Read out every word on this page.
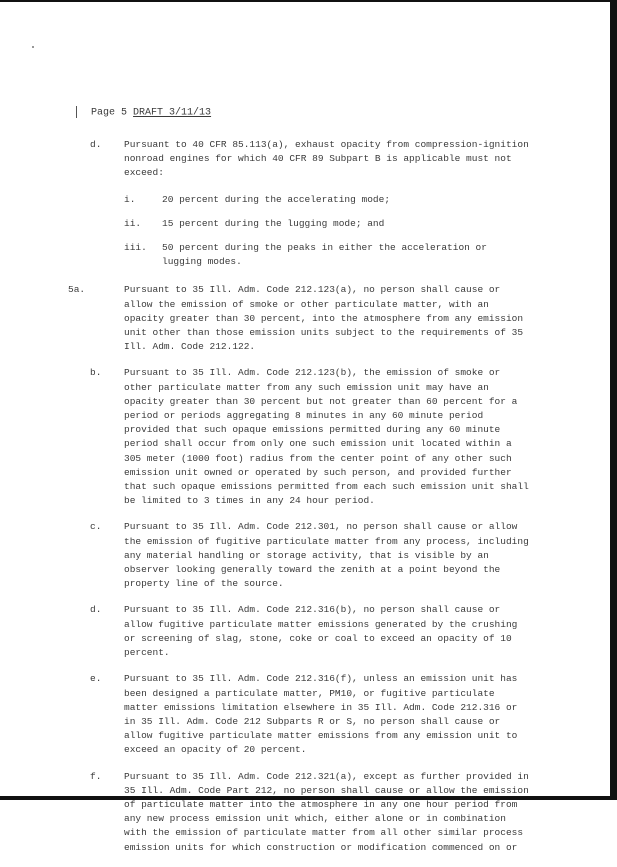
Page 5 DRAFT 3/11/13
d.	Pursuant to 40 CFR 85.113(a), exhaust opacity from compression-ignition nonroad engines for which 40 CFR 89 Subpart B is applicable must not exceed:
i.	20 percent during the accelerating mode;
ii.	15 percent during the lugging mode; and
iii.	50 percent during the peaks in either the acceleration or lugging modes.
5a.	Pursuant to 35 Ill. Adm. Code 212.123(a), no person shall cause or allow the emission of smoke or other particulate matter, with an opacity greater than 30 percent, into the atmosphere from any emission unit other than those emission units subject to the requirements of 35 Ill. Adm. Code 212.122.
b.	Pursuant to 35 Ill. Adm. Code 212.123(b), the emission of smoke or other particulate matter from any such emission unit may have an opacity greater than 30 percent but not greater than 60 percent for a period or periods aggregating 8 minutes in any 60 minute period provided that such opaque emissions permitted during any 60 minute period shall occur from only one such emission unit located within a 305 meter (1000 foot) radius from the center point of any other such emission unit owned or operated by such person, and provided further that such opaque emissions permitted from each such emission unit shall be limited to 3 times in any 24 hour period.
c.	Pursuant to 35 Ill. Adm. Code 212.301, no person shall cause or allow the emission of fugitive particulate matter from any process, including any material handling or storage activity, that is visible by an observer looking generally toward the zenith at a point beyond the property line of the source.
d.	Pursuant to 35 Ill. Adm. Code 212.316(b), no person shall cause or allow fugitive particulate matter emissions generated by the crushing or screening of slag, stone, coke or coal to exceed an opacity of 10 percent.
e.	Pursuant to 35 Ill. Adm. Code 212.316(f), unless an emission unit has been designed a particulate matter, PM10, or fugitive particulate matter emissions limitation elsewhere in 35 Ill. Adm. Code 212.316 or in 35 Ill. Adm. Code 212 Subparts R or S, no person shall cause or allow fugitive particulate matter emissions from any emission unit to exceed an opacity of 20 percent.
f.	Pursuant to 35 Ill. Adm. Code 212.321(a), except as further provided in 35 Ill. Adm. Code Part 212, no person shall cause or allow the emission of particulate matter into the atmosphere in any one hour period from any new process emission unit which, either alone or in combination with the emission of particulate matter from all other similar process emission units for which construction or modification commenced on or
